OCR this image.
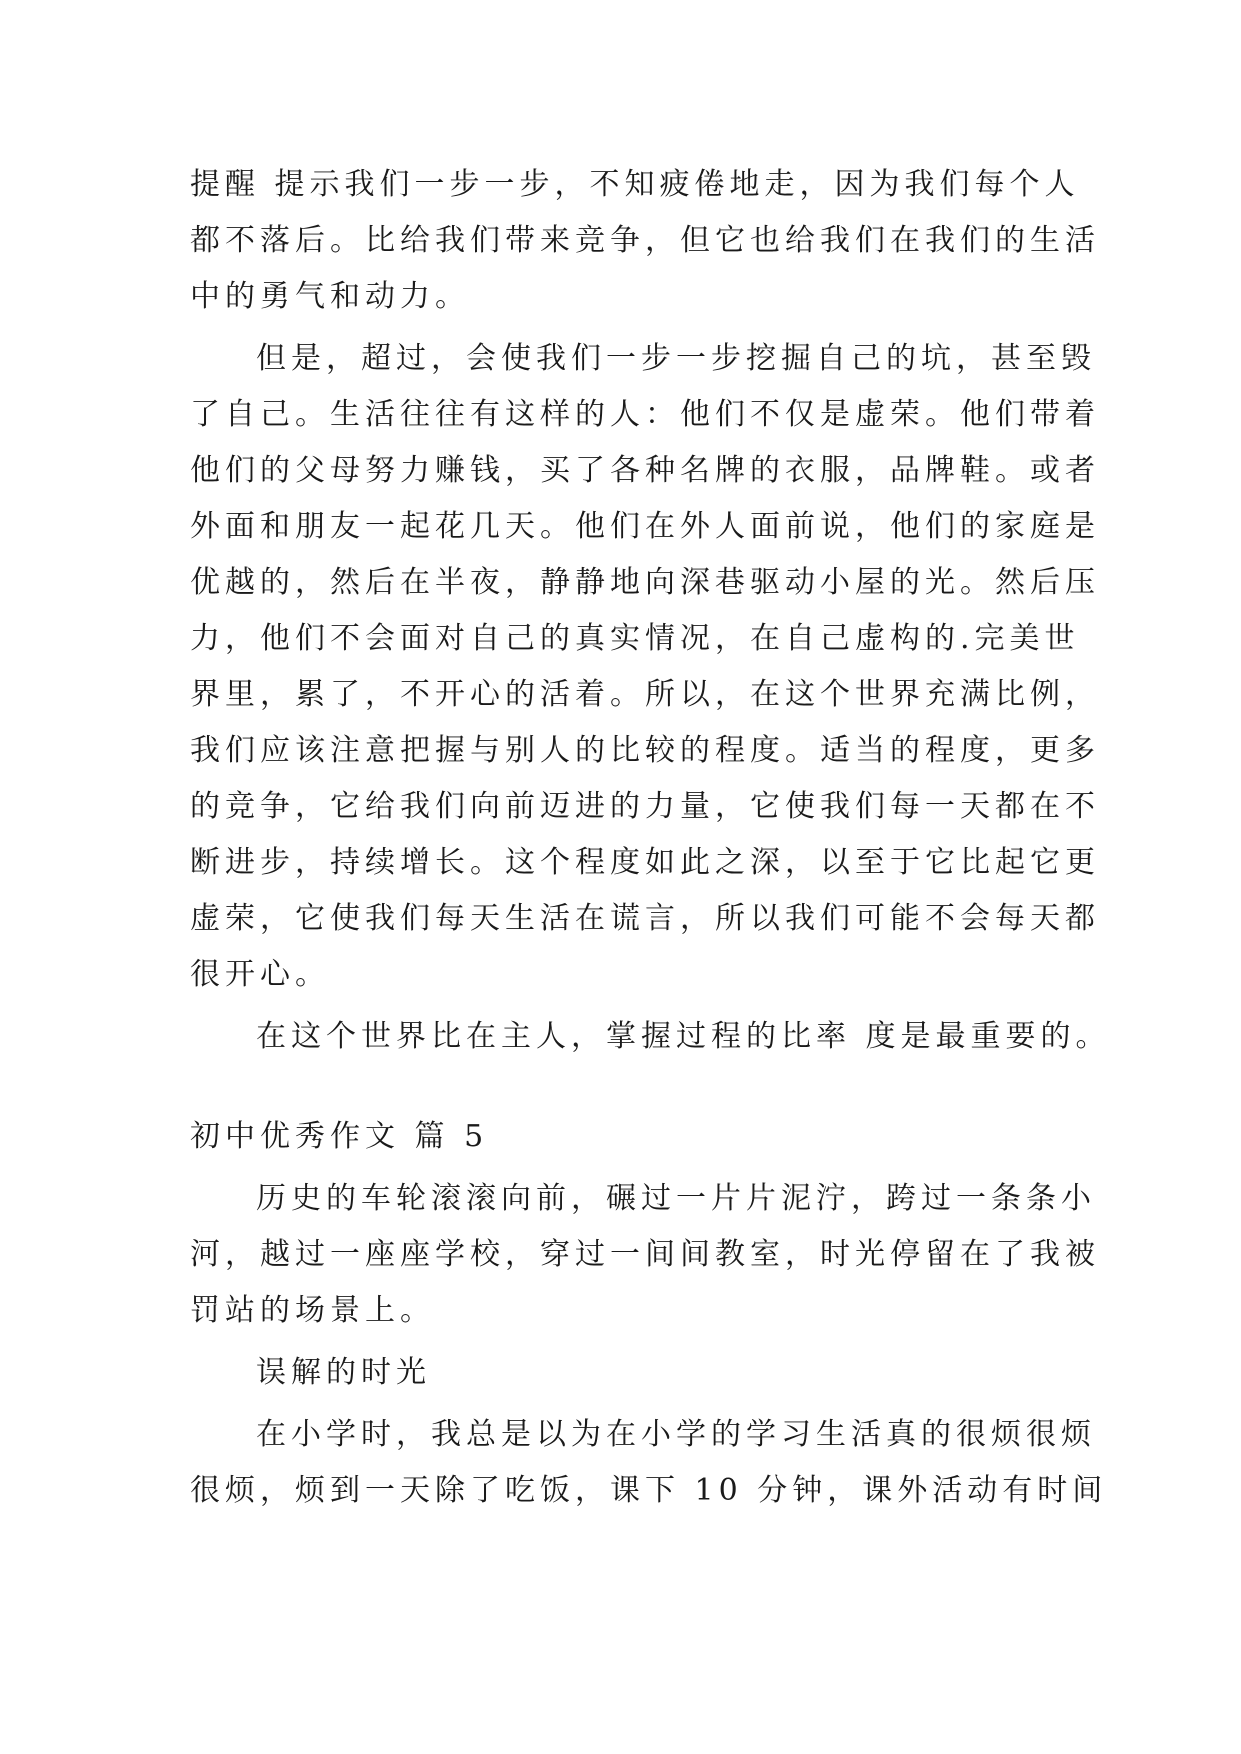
提醒 提示我们一步一步，不知疲倦地走，因为我们每个人
都不落后。比给我们带来竞争，但它也给我们在我们的生活
中的勇气和动力。
但是，超过，会使我们一步一步挖掘自己的坑，甚至毁
了自己。生活往往有这样的人：他们不仅是虚荣。他们带着
他们的父母努力赚钱，买了各种名牌的衣服，品牌鞋。或者
外面和朋友一起花几天。他们在外人面前说，他们的家庭是
优越的，然后在半夜，静静地向深巷驱动小屋的光。然后压
力，他们不会面对自己的真实情况，在自己虚构的.完美世
界里，累了，不开心的活着。所以，在这个世界充满比例，
我们应该注意把握与别人的比较的程度。适当的程度，更多
的竞争，它给我们向前迈进的力量，它使我们每一天都在不
断进步，持续增长。这个程度如此之深，以至于它比起它更
虚荣，它使我们每天生活在谎言，所以我们可能不会每天都
很开心。
在这个世界比在主人，掌握过程的比率 度是最重要的。
初中优秀作文 篇 5
历史的车轮滚滚向前，碾过一片片泥泞，跨过一条条小
河，越过一座座学校，穿过一间间教室，时光停留在了我被
罚站的场景上。
误解的时光
在小学时，我总是以为在小学的学习生活真的很烦很烦
很烦，烦到一天除了吃饭，课下 10 分钟，课外活动有时间
